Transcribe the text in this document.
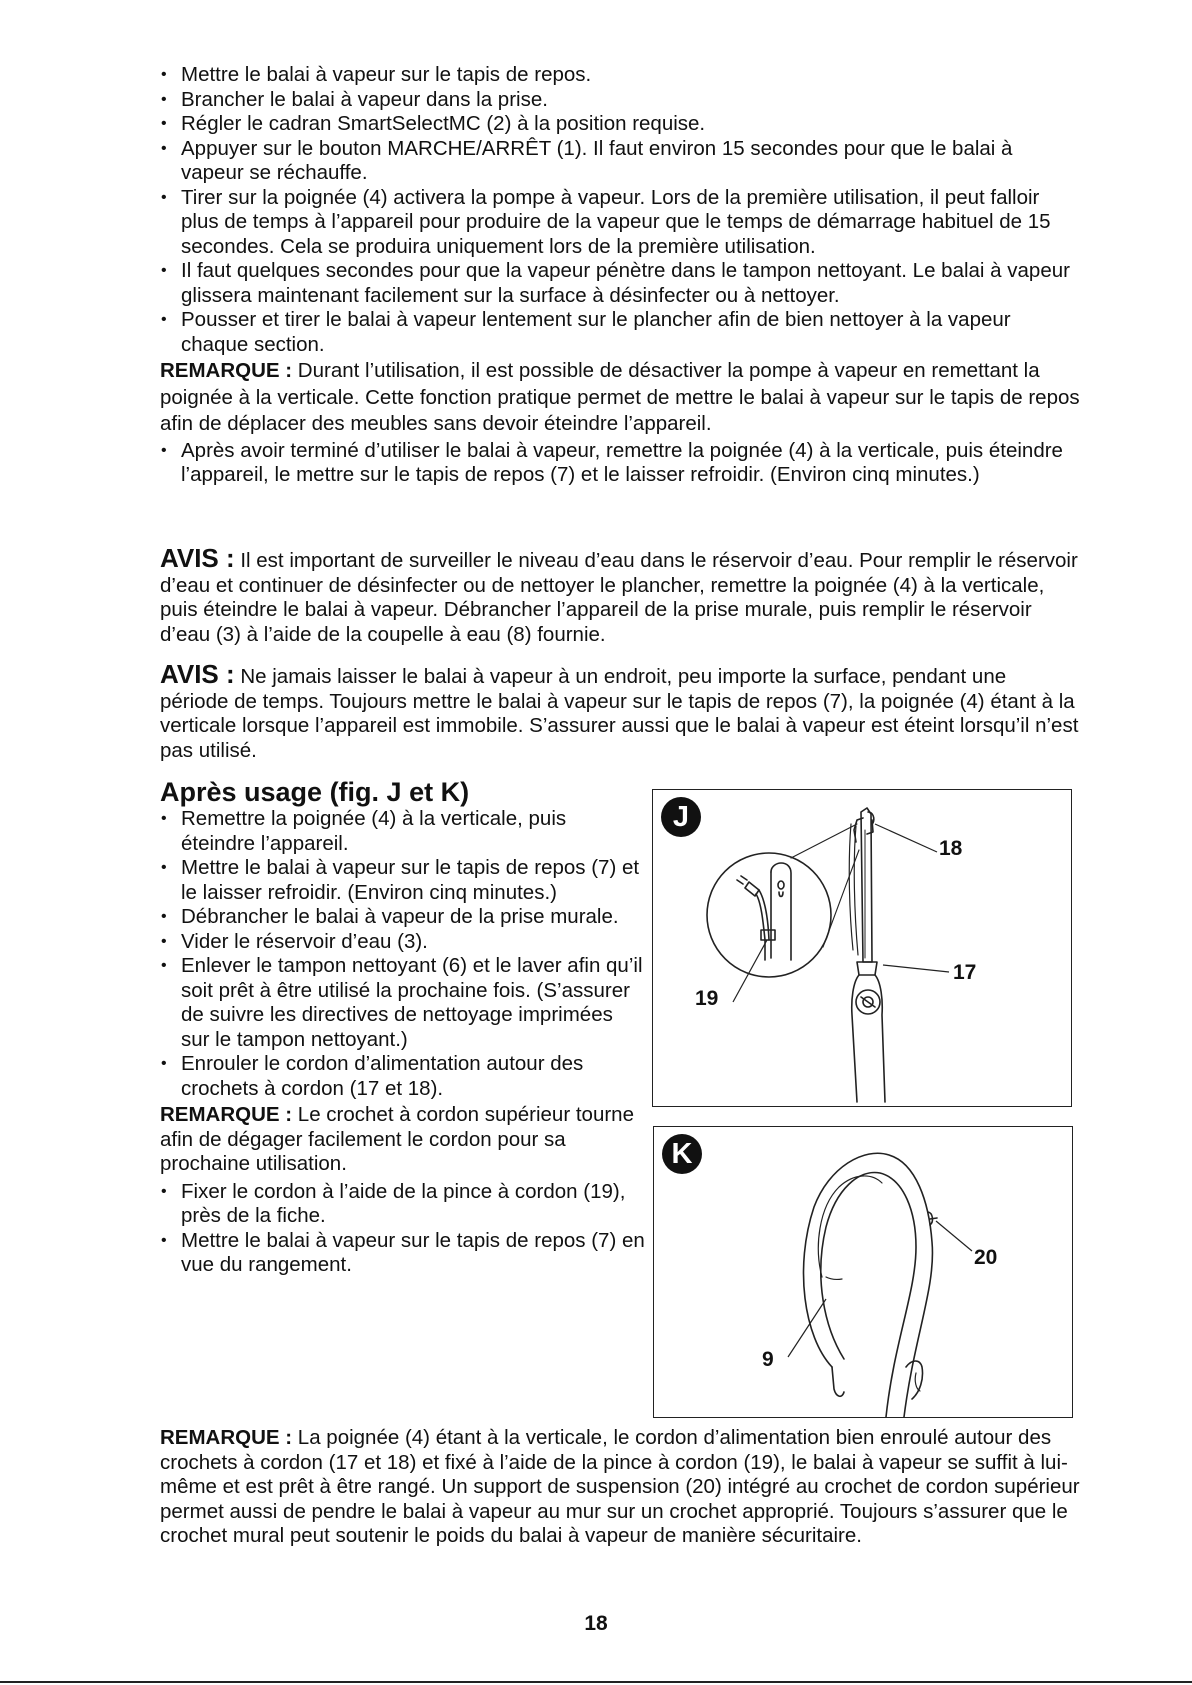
• Mettre le balai à vapeur sur le tapis de repos.
• Brancher le balai à vapeur dans la prise.
• Régler le cadran SmartSelectMC (2) à la position requise.
• Appuyer sur le bouton MARCHE/ARRÊT (1). Il faut environ 15 secondes pour que le balai à vapeur se réchauffe.
• Tirer sur la poignée (4) activera la pompe à vapeur. Lors de la première utilisation, il peut falloir plus de temps à l’appareil pour produire de la vapeur que le temps de démarrage habituel de 15 secondes. Cela se produira uniquement lors de la première utilisation.
• Il faut quelques secondes pour que la vapeur pénètre dans le tampon nettoyant. Le balai à vapeur glissera maintenant facilement sur la surface à désinfecter ou à nettoyer.
• Pousser et tirer le balai à vapeur lentement sur le plancher afin de bien nettoyer à la vapeur chaque section.

REMARQUE : Durant l’utilisation, il est possible de désactiver la pompe à vapeur en remettant la poignée à la verticale. Cette fonction pratique permet de mettre le balai à vapeur sur le tapis de repos afin de déplacer des meubles sans devoir éteindre l’appareil.

• Après avoir terminé d’utiliser le balai à vapeur, remettre la poignée (4) à la verticale, puis éteindre l’appareil, le mettre sur le tapis de repos (7) et le laisser refroidir. (Environ cinq minutes.)
AVIS : Il est important de surveiller le niveau d’eau dans le réservoir d’eau. Pour remplir le réservoir d’eau et continuer de désinfecter ou de nettoyer le plancher, remettre la poignée (4) à la verticale, puis éteindre le balai à vapeur. Débrancher l’appareil de la prise murale, puis remplir le réservoir d’eau (3) à l’aide de la coupelle à eau (8) fournie.
AVIS : Ne jamais laisser le balai à vapeur à un endroit, peu importe la surface, pendant une période de temps. Toujours mettre le balai à vapeur sur le tapis de repos (7), la poignée (4) étant à la verticale lorsque l’appareil est immobile. S’assurer aussi que le balai à vapeur est éteint lorsqu’il n’est pas utilisé.
Après usage (fig. J et K)
• Remettre la poignée (4) à la verticale, puis éteindre l’appareil.
• Mettre le balai à vapeur sur le tapis de repos (7) et le laisser refroidir. (Environ cinq minutes.)
• Débrancher le balai à vapeur de la prise murale.
• Vider le réservoir d’eau (3).
• Enlever le tampon nettoyant (6) et le laver afin qu’il soit prêt à être utilisé la prochaine fois. (S’assurer de suivre les directives de nettoyage imprimées sur le tampon nettoyant.)
• Enrouler le cordon d’alimentation autour des crochets à cordon (17 et 18).

REMARQUE : Le crochet à cordon supérieur tourne afin de dégager facilement le cordon pour sa prochaine utilisation.

• Fixer le cordon à l’aide de la pince à cordon (19), près de la fiche.
• Mettre le balai à vapeur sur le tapis de repos (7) en vue du rangement.
J
18
17
19
K
20
9
REMARQUE : La poignée (4) étant à la verticale, le cordon d’alimentation bien enroulé autour des crochets à cordon (17 et 18) et fixé à l’aide de la pince à cordon (19), le balai à vapeur se suffit à lui-même et est prêt à être rangé. Un support de suspension (20) intégré au crochet de cordon supérieur permet aussi de pendre le balai à vapeur au mur sur un crochet approprié. Toujours s’assurer que le crochet mural peut soutenir le poids du balai à vapeur de manière sécuritaire.
18
